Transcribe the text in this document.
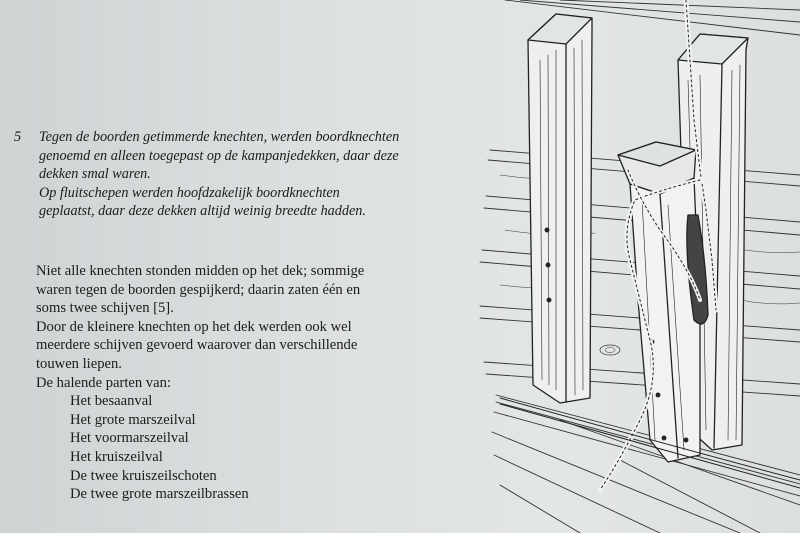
5 Tegen de boorden getimmerde knechten, werden boordknechten
genoemd en alleen toegepast op de kampanjedekken, daar deze
dekken smal waren.
Op fluitschepen werden hoofdzakelijk boordknechten
geplaatst, daar deze dekken altijd weinig breedte hadden.
Niet alle knechten stonden midden op het dek; sommige
waren tegen de boorden gespijkerd; daarin zaten één en
soms twee schijven [5].
Door de kleinere knechten op het dek werden ook wel
meerdere schijven gevoerd waarover dan verschillende
touwen liepen.
De halende parten van:
Het besaanval
Het grote marszeilval
Het voormarszeilval
Het kruiszeilval
De twee kruiszeilschoten
De twee grote marszeilbrassen
